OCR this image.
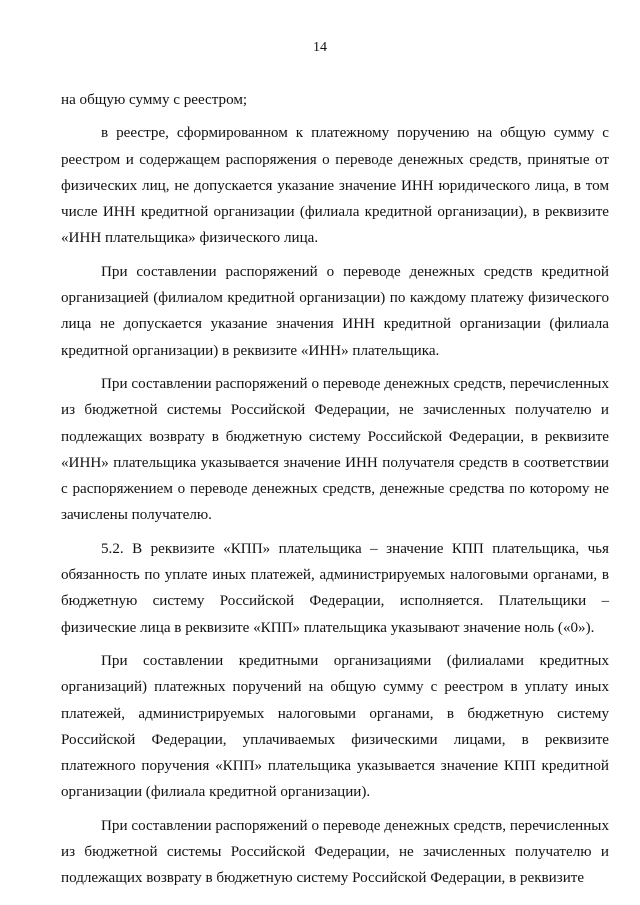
14

на общую сумму с реестром;

в реестре, сформированном к платежному поручению на общую сумму с реестром и содержащем распоряжения о переводе денежных средств, принятые от физических лиц, не допускается указание значение ИНН юридического лица, в том числе ИНН кредитной организации (филиала кредитной организации), в реквизите «ИНН плательщика» физического лица.

При составлении распоряжений о переводе денежных средств кредитной организацией (филиалом кредитной организации) по каждому платежу физического лица не допускается указание значения ИНН кредитной организации (филиала кредитной организации) в реквизите «ИНН» плательщика.

При составлении распоряжений о переводе денежных средств, перечисленных из бюджетной системы Российской Федерации, не зачисленных получателю и подлежащих возврату в бюджетную систему Российской Федерации, в реквизите «ИНН» плательщика указывается значение ИНН получателя средств в соответствии с распоряжением о переводе денежных средств, денежные средства по которому не зачислены получателю.

5.2. В реквизите «КПП» плательщика – значение КПП плательщика, чья обязанность по уплате иных платежей, администрируемых налоговыми органами, в бюджетную систему Российской Федерации, исполняется. Плательщики – физические лица в реквизите «КПП» плательщика указывают значение ноль («0»).

При составлении кредитными организациями (филиалами кредитных организаций) платежных поручений на общую сумму с реестром в уплату иных платежей, администрируемых налоговыми органами, в бюджетную систему Российской Федерации, уплачиваемых физическими лицами, в реквизите платежного поручения «КПП» плательщика указывается значение КПП кредитной организации (филиала кредитной организации).

При составлении распоряжений о переводе денежных средств, перечисленных из бюджетной системы Российской Федерации, не зачисленных получателю и подлежащих возврату в бюджетную систему Российской Федерации, в реквизите
